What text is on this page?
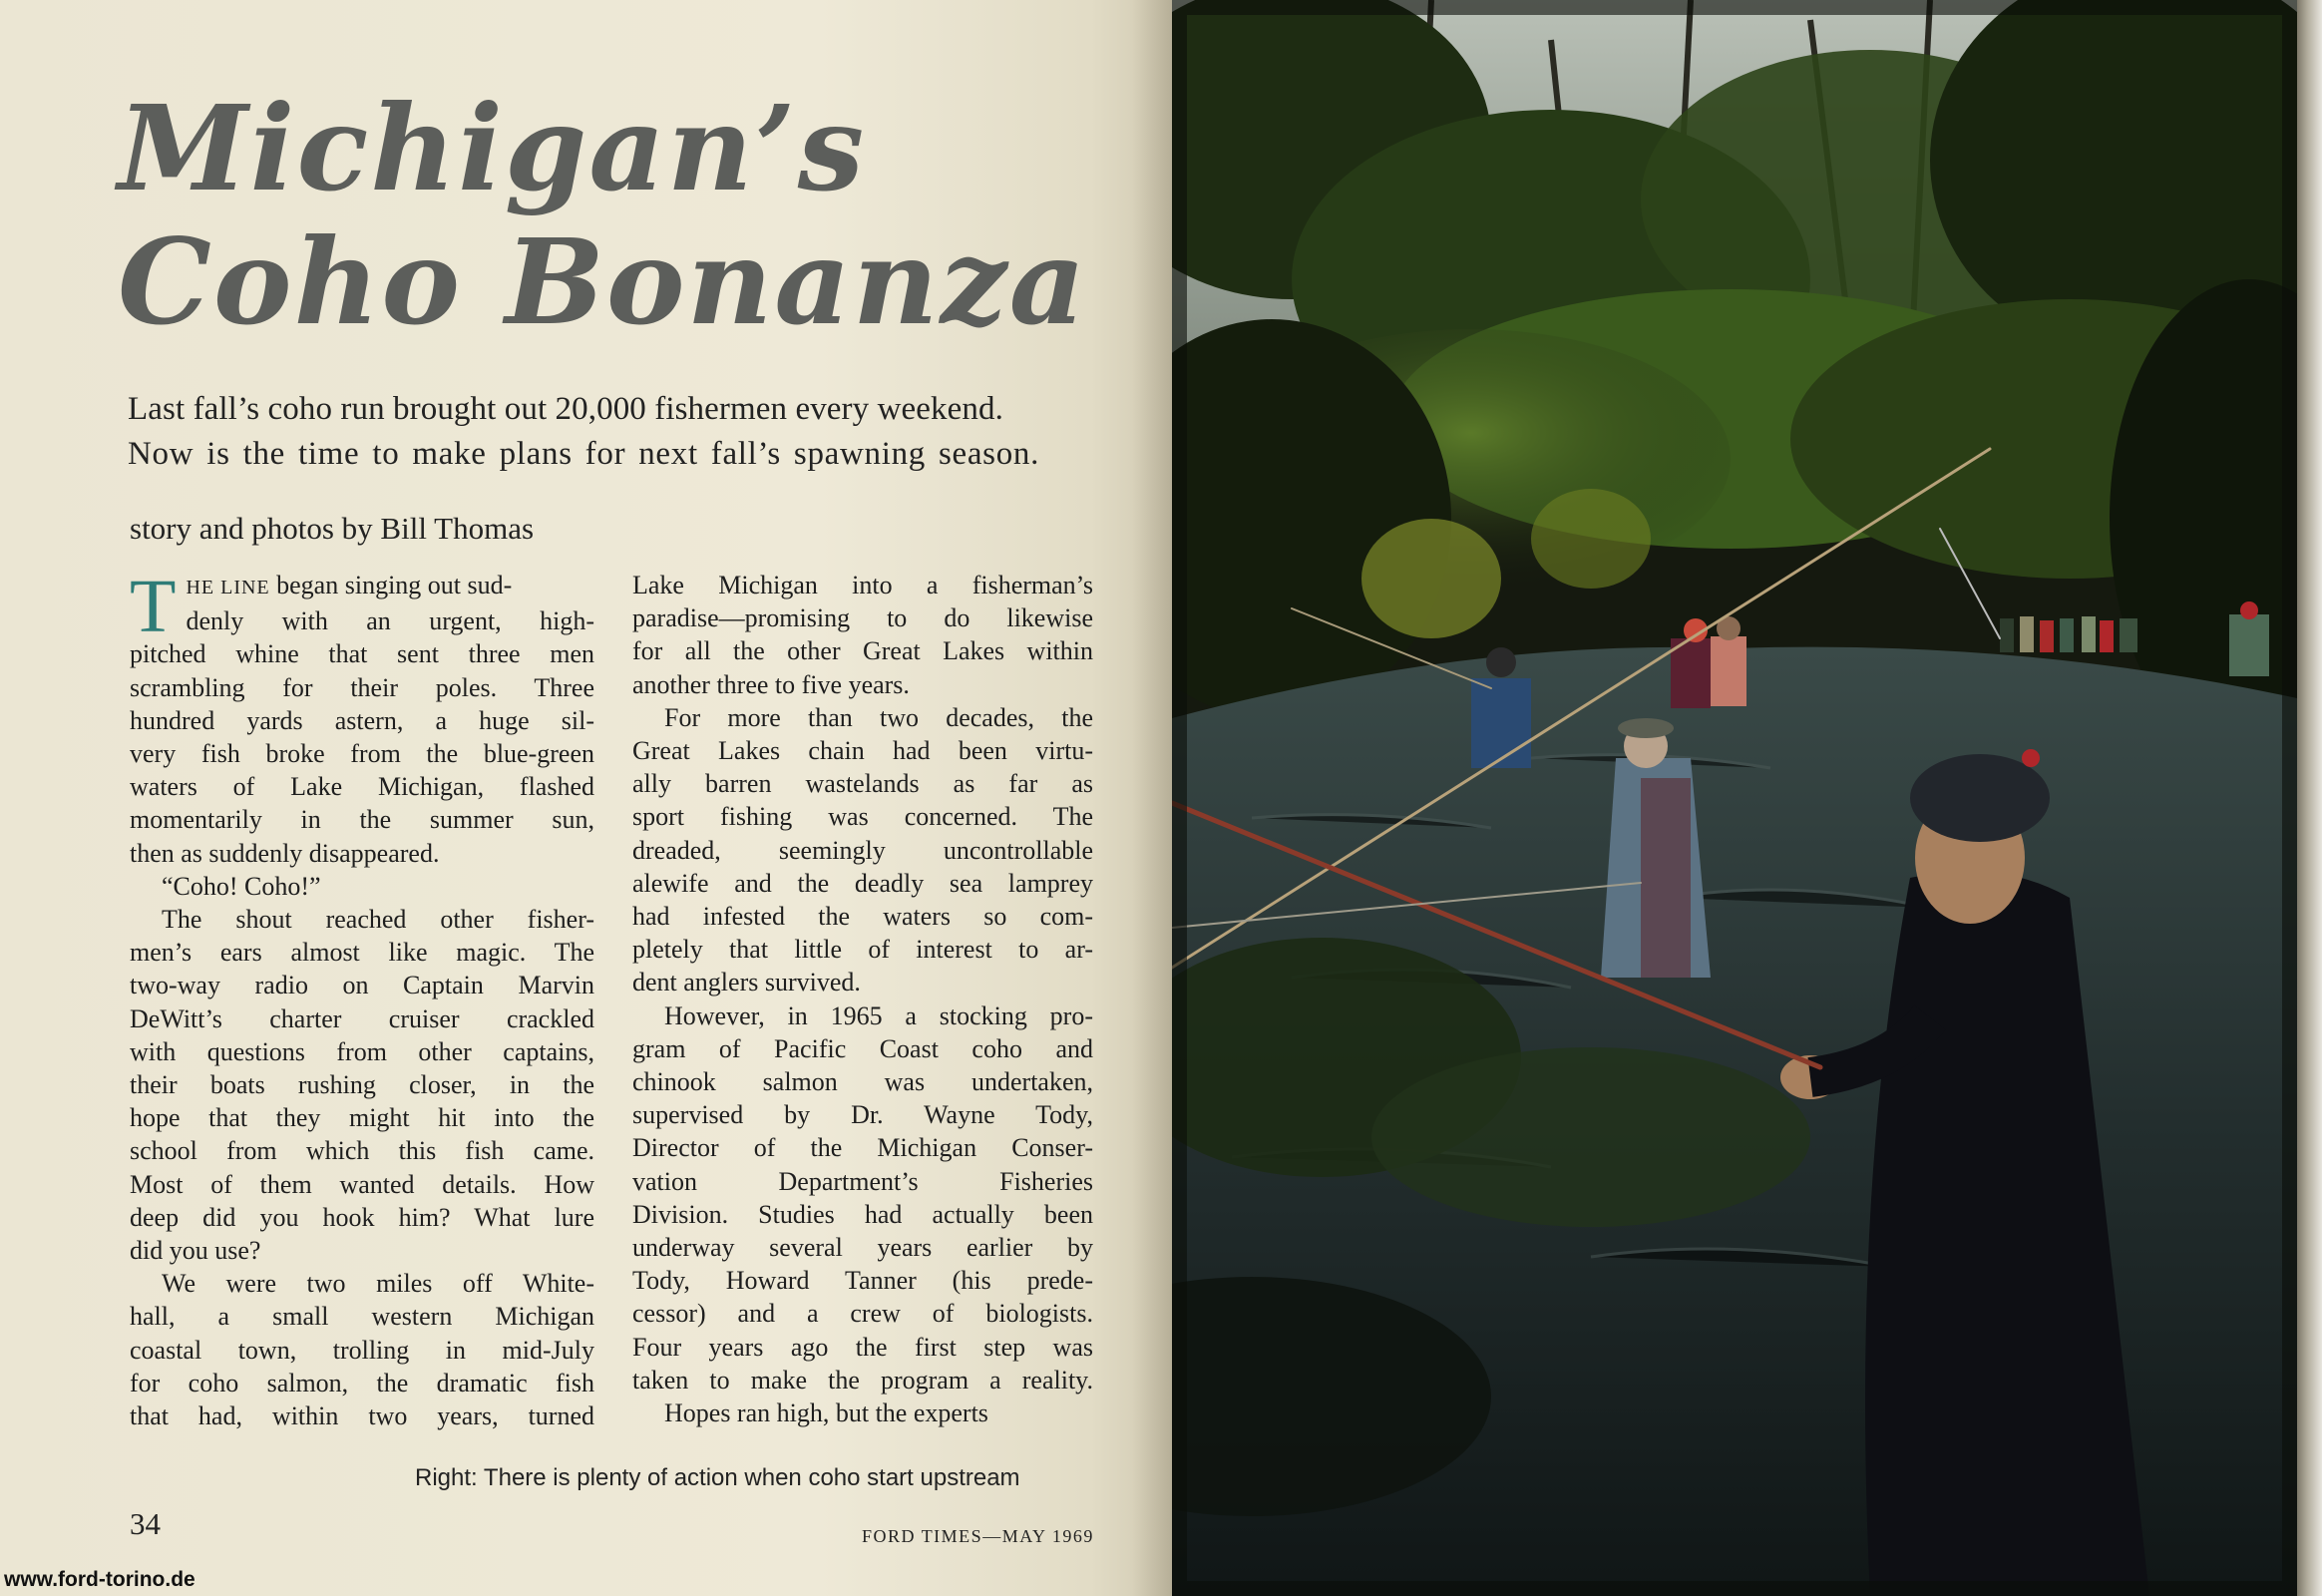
Michigan’s
Coho Bonanza

Last fall’s coho run brought out 20,000 fishermen every weekend.
Now is the time to make plans for next fall’s spawning season.

story and photos by Bill Thomas

T HE LINE began singing out sud-
denly with an urgent, high-
pitched whine that sent three men
scrambling for their poles. Three
hundred yards astern, a huge sil-
very fish broke from the blue-green
waters of Lake Michigan, flashed
momentarily in the summer sun,
then as suddenly disappeared.
“Coho! Coho!”
The shout reached other fisher-
men’s ears almost like magic. The
two-way radio on Captain Marvin
DeWitt’s charter cruiser crackled
with questions from other captains,
their boats rushing closer, in the
hope that they might hit into the
school from which this fish came.
Most of them wanted details. How
deep did you hook him? What lure
did you use?
We were two miles off White-
hall, a small western Michigan
coastal town, trolling in mid-July
for coho salmon, the dramatic fish
that had, within two years, turned
Lake Michigan into a fisherman’s
paradise—promising to do likewise
for all the other Great Lakes within
another three to five years.
For more than two decades, the
Great Lakes chain had been virtu-
ally barren wastelands as far as
sport fishing was concerned. The
dreaded, seemingly uncontrollable
alewife and the deadly sea lamprey
had infested the waters so com-
pletely that little of interest to ar-
dent anglers survived.
However, in 1965 a stocking pro-
gram of Pacific Coast coho and
chinook salmon was undertaken,
supervised by Dr. Wayne Tody,
Director of the Michigan Conser-
vation Department’s Fisheries
Division. Studies had actually been
underway several years earlier by
Tody, Howard Tanner (his prede-
cessor) and a crew of biologists.
Four years ago the first step was
taken to make the program a reality.
Hopes ran high, but the experts

Right: There is plenty of action when coho start upstream

34	FORD TIMES—MAY 1969

www.ford-torino.de
